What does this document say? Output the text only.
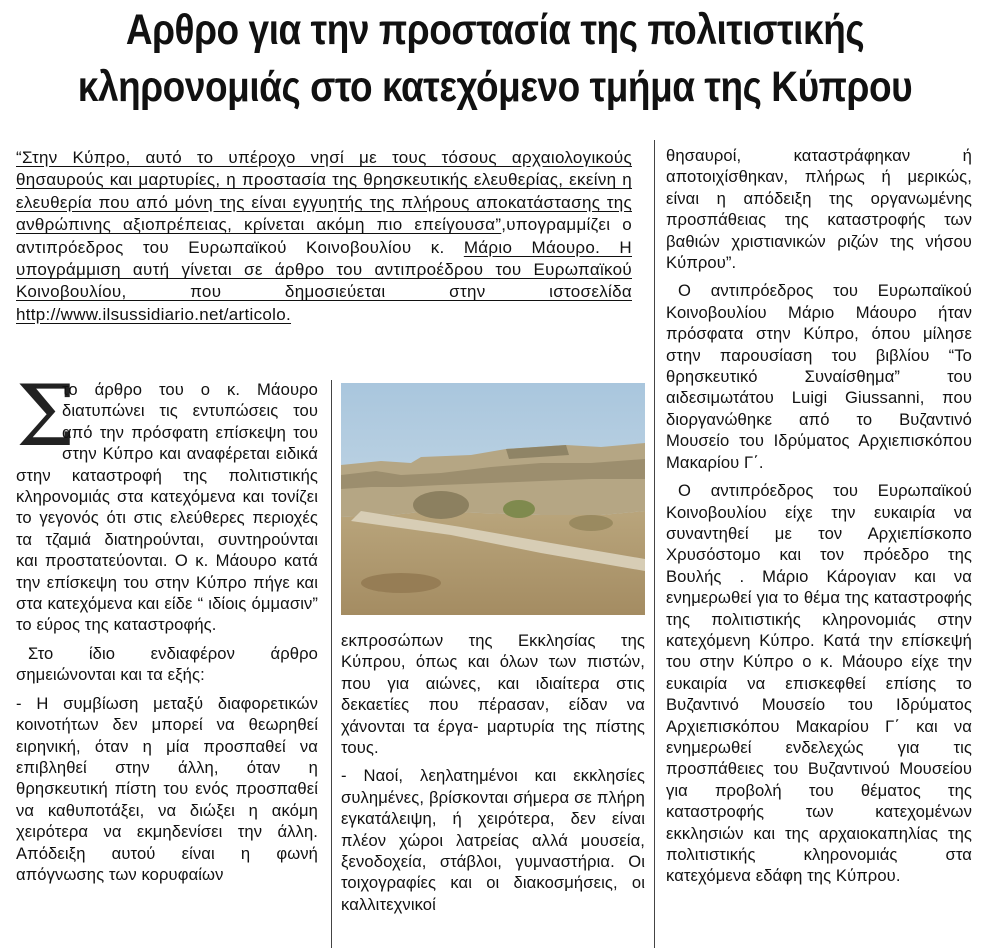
Αρθρο για την προστασία της πολιτιστικής
κληρονομιάς στο κατεχόμενο τμήμα της Κύπρου

“Στην Κύπρο, αυτό το υπέροχο νησί με τους τόσους αρχαιολογικούς θησαυρούς και μαρτυρίες, η προστασία της θρησκευτικής ελευθερίας, εκείνη η ελευθερία που από μόνη της είναι εγγυητής της πλήρους αποκατάστασης της ανθρώπινης αξιοπρέπειας, κρίνεται ακόμη πιο επείγουσα”,υπογραμμίζει ο αντιπρόεδρος του Ευρωπαϊκού Κοινοβουλίου κ. Μάριο Μάουρο. Η υπογράμμιση αυτή γίνεται σε άρθρο του αντιπροέδρου του Ευρωπαϊκού Κοινοβουλίου, που δημοσιεύεται στην ιστοσελίδα http://www.ilsussidiario.net/articolo.

Σ
το άρθρο του ο κ. Μάουρο διατυπώνει τις εντυπώσεις του από την πρόσφατη επίσκεψη του στην Κύπρο και αναφέρεται ειδικά στην καταστροφή της πολιτιστικής κληρονομιάς στα κατεχόμενα και τονίζει το γεγονός ότι στις ελεύθερες περιοχές τα τζαμιά διατηρούνται, συντηρούνται και προστατεύονται. Ο κ. Μάουρο κατά την επίσκεψη του στην Κύπρο πήγε και στα κατεχόμενα και είδε “ ιδίοις όμμασιν” το εύρος της καταστροφής.

Στο ίδιο ενδιαφέρον άρθρο σημειώνονται και τα εξής:

- Η συμβίωση μεταξύ διαφορετικών κοινοτήτων δεν μπορεί να θεωρηθεί ειρηνική, όταν η μία προσπαθεί να επιβληθεί στην άλλη, όταν η θρησκευτική πίστη του ενός προσπαθεί να καθυποτάξει, να διώξει η ακόμη χειρότερα να εκμηδενίσει την άλλη. Απόδειξη αυτού είναι η φωνή απόγνωσης των κορυφαίων

εκπροσώπων της Εκκλησίας της Κύπρου, όπως και όλων των πιστών, που για αιώνες, και ιδιαίτερα στις δεκαετίες που πέρασαν, είδαν να χάνονται τα έργα- μαρτυρία της πίστης τους.

- Ναοί, λεηλατημένοι και εκκλησίες συλημένες, βρίσκονται σήμερα σε πλήρη εγκατάλειψη, ή χειρότερα, δεν είναι πλέον χώροι λατρείας αλλά μουσεία, ξενοδοχεία, στάβλοι, γυμναστήρια. Οι τοιχογραφίες και οι διακοσμήσεις, οι καλλιτεχνικοί

θησαυροί, καταστράφηκαν ή αποτοιχίσθηκαν, πλήρως ή μερικώς, είναι η απόδειξη της οργανωμένης προσπάθειας της καταστροφής των βαθιών χριστιανικών ριζών της νήσου Κύπρου”.

Ο αντιπρόεδρος του Ευρωπαϊκού Κοινοβουλίου Μάριο Μάουρο ήταν πρόσφατα στην Κύπρο, όπου μίλησε στην παρουσίαση του βιβλίου “Το θρησκευτικό Συναίσθημα” του αιδεσιμωτάτου Luigi Giussanni, που διοργανώθηκε από το Βυζαντινό Μουσείο του Ιδρύματος Αρχιεπισκόπου Μακαρίου Γ΄.

Ο αντιπρόεδρος του Ευρωπαϊκού Κοινοβουλίου είχε την ευκαιρία να συναντηθεί με τον Αρχιεπίσκοπο Χρυσόστομο και τον πρόεδρο της Βουλής . Μάριο Κάρογιαν και να ενημερωθεί για το θέμα της καταστροφής της πολιτιστικής κληρονομιάς στην κατεχόμενη Κύπρο. Κατά την επίσκεψή του στην Κύπρο ο κ. Μάουρο είχε την ευκαιρία να επισκεφθεί επίσης το Βυζαντινό Μουσείο του Ιδρύματος Αρχιεπισκόπου Μακαρίου Γ΄ και να ενημερωθεί ενδελεχώς για τις προσπάθειες του Βυζαντινού Μουσείου για προβολή του θέματος της καταστροφής των κατεχομένων εκκλησιών και της αρχαιοκαπηλίας της πολιτιστικής κληρονομιάς στα κατεχόμενα εδάφη της Κύπρου.
